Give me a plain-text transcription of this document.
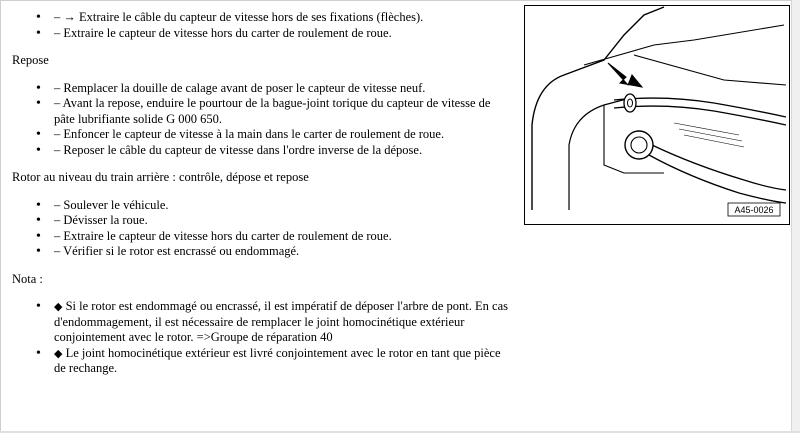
• – → Extraire le câble du capteur de vitesse hors de ses fixations (flèches).
• – Extraire le capteur de vitesse hors du carter de roulement de roue.

Repose

• – Remplacer la douille de calage avant de poser le capteur de vitesse neuf.
• – Avant la repose, enduire le pourtour de la bague-joint torique du capteur de vitesse de pâte lubrifiante solide G 000 650.
• – Enfoncer le capteur de vitesse à la main dans le carter de roulement de roue.
• – Reposer le câble du capteur de vitesse dans l'ordre inverse de la dépose.

Rotor au niveau du train arrière : contrôle, dépose et repose

• – Soulever le véhicule.
• – Dévisser la roue.
• – Extraire le capteur de vitesse hors du carter de roulement de roue.
• – Vérifier si le rotor est encrassé ou endommagé.

Nota :

• ◆ Si le rotor est endommagé ou encrassé, il est impératif de déposer l'arbre de pont. En cas d'endommagement, il est nécessaire de remplacer le joint homocinétique extérieur conjointement avec le rotor. =>Groupe de réparation 40
• ◆ Le joint homocinétique extérieur est livré conjointement avec le rotor en tant que pièce de rechange.
A45-0026
